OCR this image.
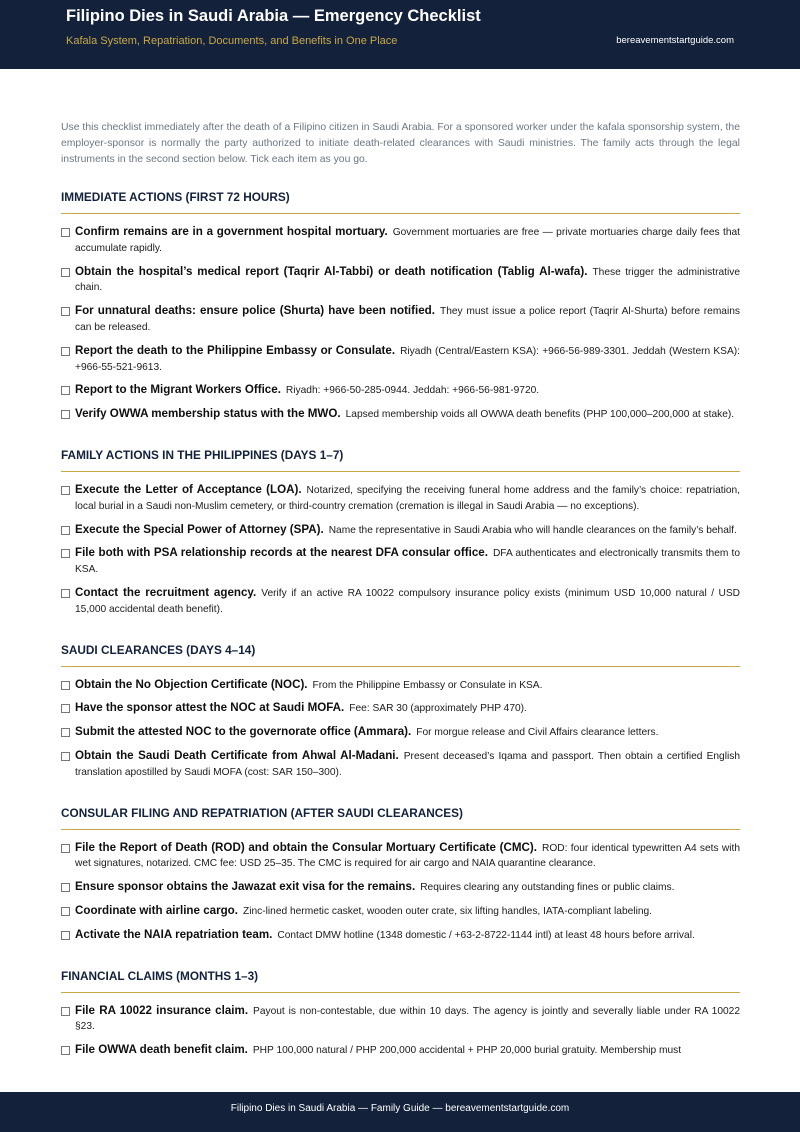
Filipino Dies in Saudi Arabia — Emergency Checklist
Kafala System, Repatriation, Documents, and Benefits in One Place	bereavementstartguide.com

Use this checklist immediately after the death of a Filipino citizen in Saudi Arabia. For a sponsored worker under the kafala sponsorship system, the employer-sponsor is normally the party authorized to initiate death-related clearances with Saudi ministries. The family acts through the legal instruments in the second section below. Tick each item as you go.

IMMEDIATE ACTIONS (FIRST 72 HOURS)
Confirm remains are in a government hospital mortuary. Government mortuaries are free — private mortuaries charge daily fees that accumulate rapidly.
Obtain the hospital’s medical report (Taqrir Al-Tabbi) or death notification (Tablig Al-wafa). These trigger the administrative chain.
For unnatural deaths: ensure police (Shurta) have been notified. They must issue a police report (Taqrir Al-Shurta) before remains can be released.
Report the death to the Philippine Embassy or Consulate. Riyadh (Central/Eastern KSA): +966-56-989-3301. Jeddah (Western KSA): +966-55-521-9613.
Report to the Migrant Workers Office. Riyadh: +966-50-285-0944. Jeddah: +966-56-981-9720.
Verify OWWA membership status with the MWO. Lapsed membership voids all OWWA death benefits (PHP 100,000–200,000 at stake).
FAMILY ACTIONS IN THE PHILIPPINES (DAYS 1–7)
Execute the Letter of Acceptance (LOA). Notarized, specifying the receiving funeral home address and the family’s choice: repatriation, local burial in a Saudi non-Muslim cemetery, or third-country cremation (cremation is illegal in Saudi Arabia — no exceptions).
Execute the Special Power of Attorney (SPA). Name the representative in Saudi Arabia who will handle clearances on the family’s behalf.
File both with PSA relationship records at the nearest DFA consular office. DFA authenticates and electronically transmits them to KSA.
Contact the recruitment agency. Verify if an active RA 10022 compulsory insurance policy exists (minimum USD 10,000 natural / USD 15,000 accidental death benefit).
SAUDI CLEARANCES (DAYS 4–14)
Obtain the No Objection Certificate (NOC). From the Philippine Embassy or Consulate in KSA.
Have the sponsor attest the NOC at Saudi MOFA. Fee: SAR 30 (approximately PHP 470).
Submit the attested NOC to the governorate office (Ammara). For morgue release and Civil Affairs clearance letters.
Obtain the Saudi Death Certificate from Ahwal Al-Madani. Present deceased’s Iqama and passport. Then obtain a certified English translation apostilled by Saudi MOFA (cost: SAR 150–300).
CONSULAR FILING AND REPATRIATION (AFTER SAUDI CLEARANCES)
File the Report of Death (ROD) and obtain the Consular Mortuary Certificate (CMC). ROD: four identical typewritten A4 sets with wet signatures, notarized. CMC fee: USD 25–35. The CMC is required for air cargo and NAIA quarantine clearance.
Ensure sponsor obtains the Jawazat exit visa for the remains. Requires clearing any outstanding fines or public claims.
Coordinate with airline cargo. Zinc-lined hermetic casket, wooden outer crate, six lifting handles, IATA-compliant labeling.
Activate the NAIA repatriation team. Contact DMW hotline (1348 domestic / +63-2-8722-1144 intl) at least 48 hours before arrival.
FINANCIAL CLAIMS (MONTHS 1–3)
File RA 10022 insurance claim. Payout is non-contestable, due within 10 days. The agency is jointly and severally liable under RA 10022 §23.
File OWWA death benefit claim. PHP 100,000 natural / PHP 200,000 accidental + PHP 20,000 burial gratuity. Membership must
Filipino Dies in Saudi Arabia — Family Guide — bereavementstartguide.com
